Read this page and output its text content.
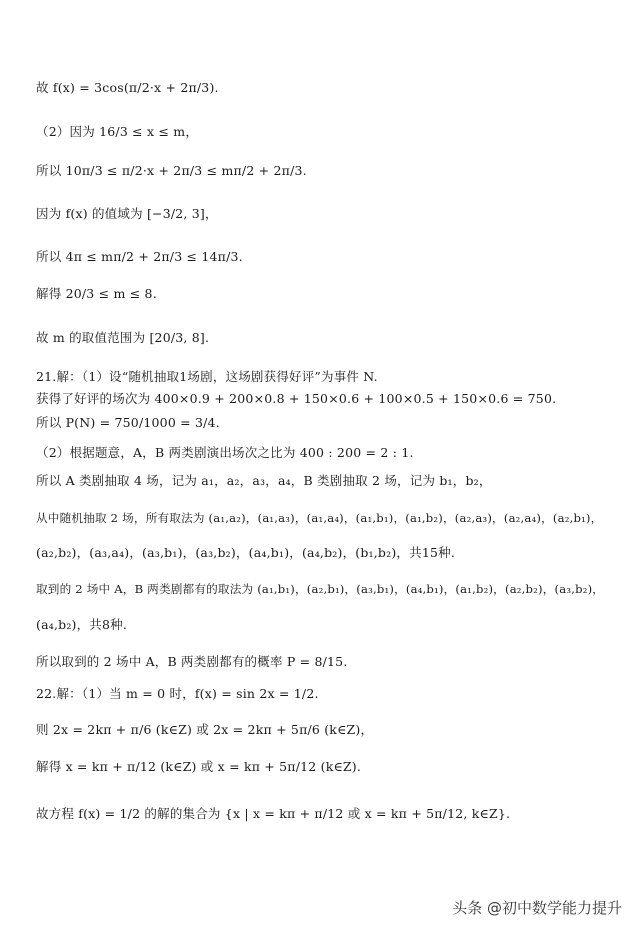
故 f(x) = 3cos(π/2·x + 2π/3).
（2）因为 16/3 ≤ x ≤ m，
所以 10π/3 ≤ π/2·x + 2π/3 ≤ mπ/2 + 2π/3.
因为 f(x) 的值域为 [−3/2, 3]，
所以 4π ≤ mπ/2 + 2π/3 ≤ 14π/3.
解得 20/3 ≤ m ≤ 8.
故 m 的取值范围为 [20/3, 8].
21.解：（1）设“随机抽取1场剧，这场剧获得好评”为事件 N.
获得了好评的场次为 400×0.9 + 200×0.8 + 150×0.6 + 100×0.5 + 150×0.6 = 750.
所以 P(N) = 750/1000 = 3/4.
（2）根据题意，A，B 两类剧演出场次之比为 400 : 200 = 2 : 1.
所以 A 类剧抽取 4 场，记为 a₁，a₂，a₃，a₄，B 类剧抽取 2 场，记为 b₁，b₂，
从中随机抽取 2 场，所有取法为 (a₁,a₂)，(a₁,a₃)，(a₁,a₄)，(a₁,b₁)，(a₁,b₂)，(a₂,a₃)，(a₂,a₄)，(a₂,b₁)，
(a₂,b₂)，(a₃,a₄)，(a₃,b₁)，(a₃,b₂)，(a₄,b₁)，(a₄,b₂)，(b₁,b₂)，共15种.
取到的 2 场中 A，B 两类剧都有的取法为 (a₁,b₁)，(a₂,b₁)，(a₃,b₁)，(a₄,b₁)，(a₁,b₂)，(a₂,b₂)，(a₃,b₂)，
(a₄,b₂)，共8种.
所以取到的 2 场中 A，B 两类剧都有的概率 P = 8/15.
22.解：（1）当 m = 0 时，f(x) = sin 2x = 1/2.
则 2x = 2kπ + π/6 (k∈Z) 或 2x = 2kπ + 5π/6 (k∈Z)，
解得 x = kπ + π/12 (k∈Z) 或 x = kπ + 5π/12 (k∈Z).
故方程 f(x) = 1/2 的解的集合为 {x | x = kπ + π/12 或 x = kπ + 5π/12, k∈Z}.
头条 @初中数学能力提升
